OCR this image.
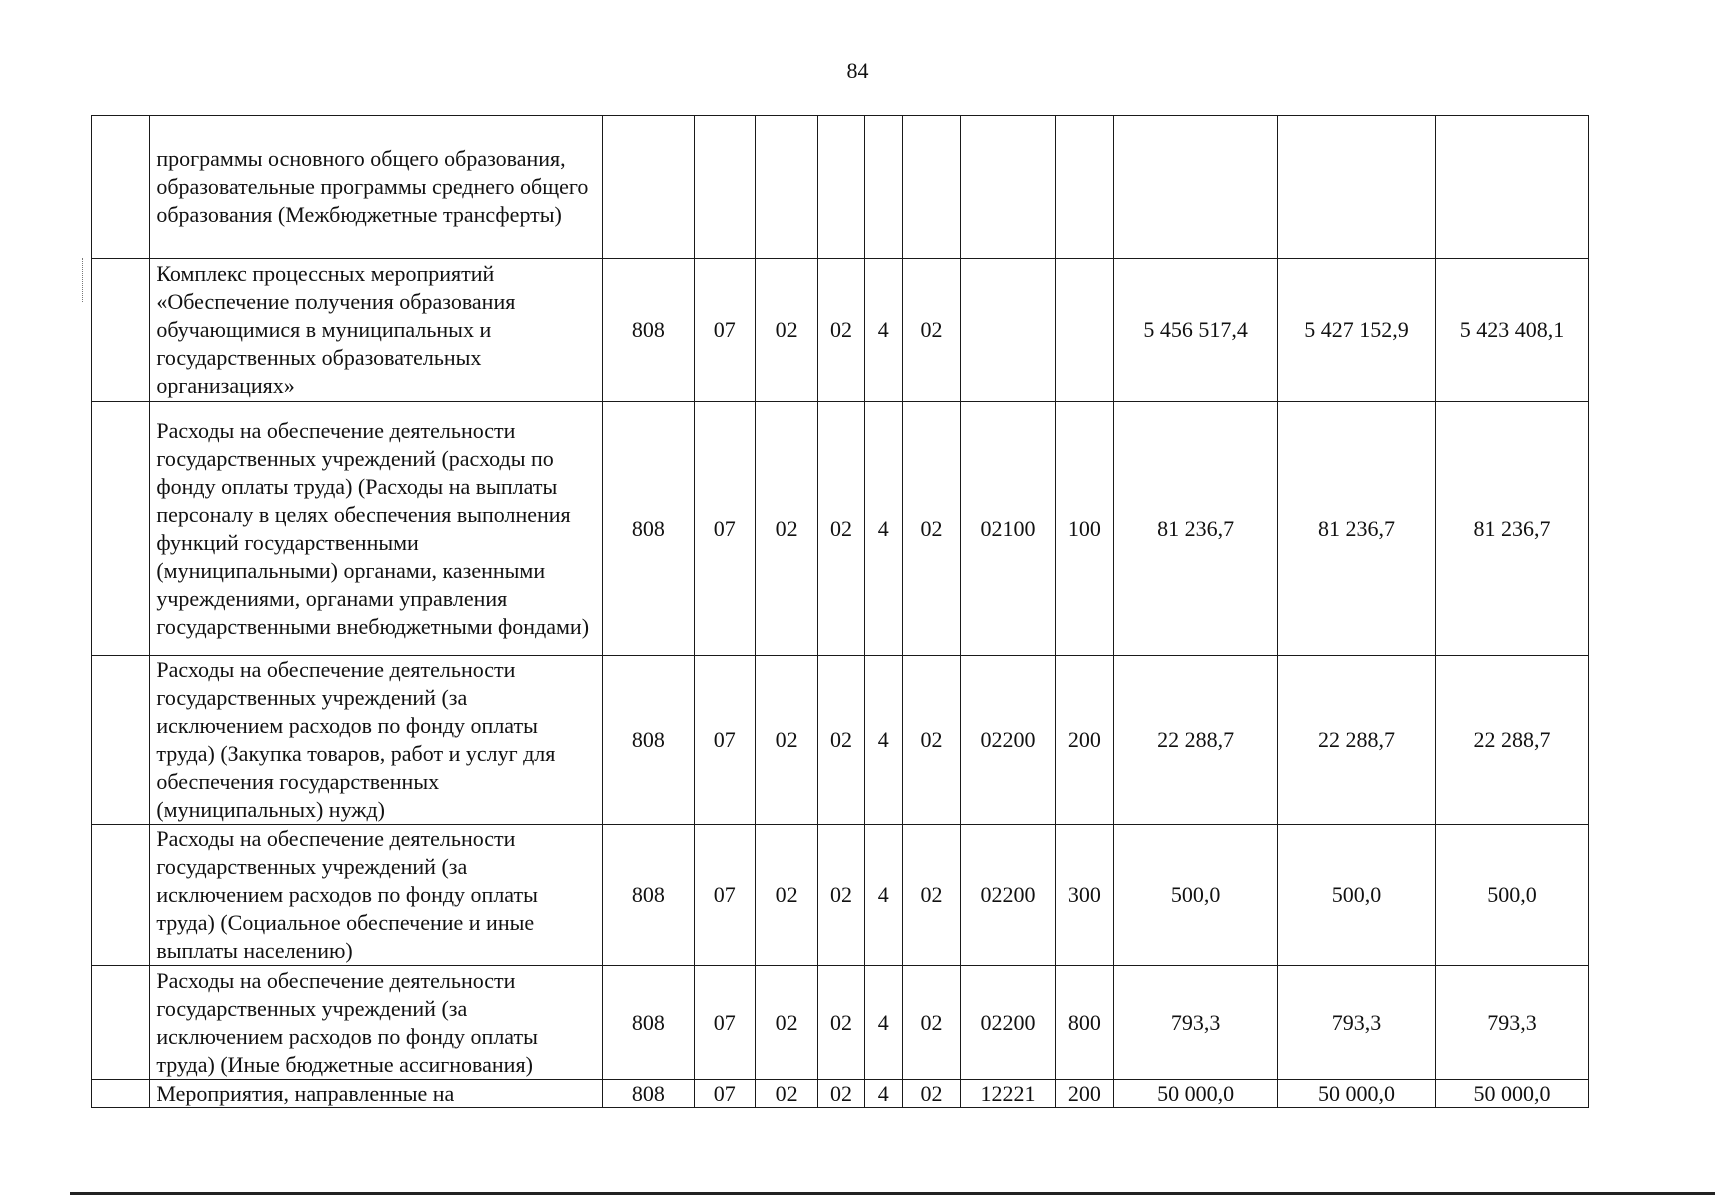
84
	программы основного общего образования, образовательные программы среднего общего образования (Межбюджетные трансферты)											
	Комплекс процессных мероприятий «Обеспечение получения образования обучающимися в муниципальных и государственных образовательных организациях»	808	07	02	02	4	02			5 456 517,4	5 427 152,9	5 423 408,1
	Расходы на обеспечение деятельности государственных учреждений (расходы по фонду оплаты труда) (Расходы на выплаты персоналу в целях обеспечения выполнения функций государственными (муниципальными) органами, казенными учреждениями, органами управления государственными внебюджетными фондами)	808	07	02	02	4	02	02100	100	81 236,7	81 236,7	81 236,7
	Расходы на обеспечение деятельности государственных учреждений (за исключением расходов по фонду оплаты труда) (Закупка товаров, работ и услуг для обеспечения государственных (муниципальных) нужд)	808	07	02	02	4	02	02200	200	22 288,7	22 288,7	22 288,7
	Расходы на обеспечение деятельности государственных учреждений (за исключением расходов по фонду оплаты труда) (Социальное обеспечение и иные выплаты населению)	808	07	02	02	4	02	02200	300	500,0	500,0	500,0
	Расходы на обеспечение деятельности государственных учреждений (за исключением расходов по фонду оплаты труда) (Иные бюджетные ассигнования)	808	07	02	02	4	02	02200	800	793,3	793,3	793,3
	Мероприятия, направленные на	808	07	02	02	4	02	12221	200	50 000,0	50 000,0	50 000,0
